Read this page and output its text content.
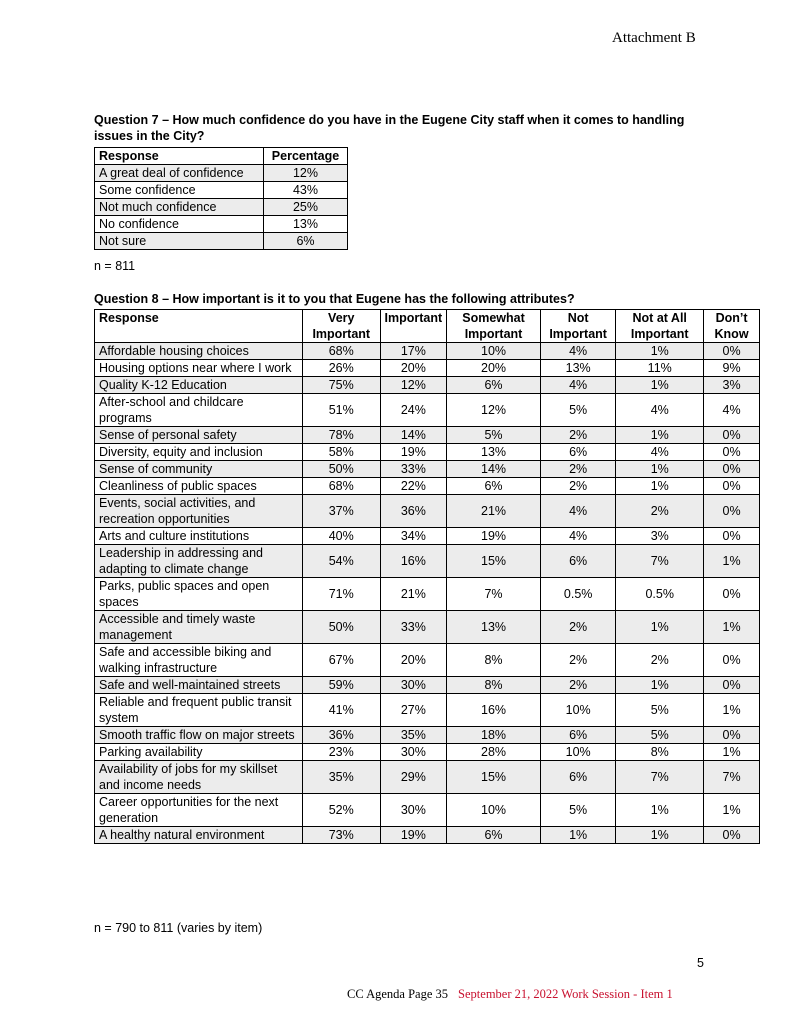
Attachment B
Question 7 – How much confidence do you have in the Eugene City staff when it comes to handling issues in the City?
Response	Percentage
A great deal of confidence	12%
Some confidence	43%
Not much confidence	25%
No confidence	13%
Not sure	6%
n = 811
Question 8 – How important is it to you that Eugene has the following attributes?
Response	Very Important	Important	Somewhat Important	Not Important	Not at All Important	Don’t Know
Affordable housing choices	68%	17%	10%	4%	1%	0%
Housing options near where I work	26%	20%	20%	13%	11%	9%
Quality K-12 Education	75%	12%	6%	4%	1%	3%
After-school and childcare programs	51%	24%	12%	5%	4%	4%
Sense of personal safety	78%	14%	5%	2%	1%	0%
Diversity, equity and inclusion	58%	19%	13%	6%	4%	0%
Sense of community	50%	33%	14%	2%	1%	0%
Cleanliness of public spaces	68%	22%	6%	2%	1%	0%
Events, social activities, and recreation opportunities	37%	36%	21%	4%	2%	0%
Arts and culture institutions	40%	34%	19%	4%	3%	0%
Leadership in addressing and adapting to climate change	54%	16%	15%	6%	7%	1%
Parks, public spaces and open spaces	71%	21%	7%	0.5%	0.5%	0%
Accessible and timely waste management	50%	33%	13%	2%	1%	1%
Safe and accessible biking and walking infrastructure	67%	20%	8%	2%	2%	0%
Safe and well-maintained streets	59%	30%	8%	2%	1%	0%
Reliable and frequent public transit system	41%	27%	16%	10%	5%	1%
Smooth traffic flow on major streets	36%	35%	18%	6%	5%	0%
Parking availability	23%	30%	28%	10%	8%	1%
Availability of jobs for my skillset and income needs	35%	29%	15%	6%	7%	7%
Career opportunities for the next generation	52%	30%	10%	5%	1%	1%
A healthy natural environment	73%	19%	6%	1%	1%	0%
n = 790 to 811 (varies by item)
5
CC Agenda Page 35 September 21, 2022 Work Session - Item 1
